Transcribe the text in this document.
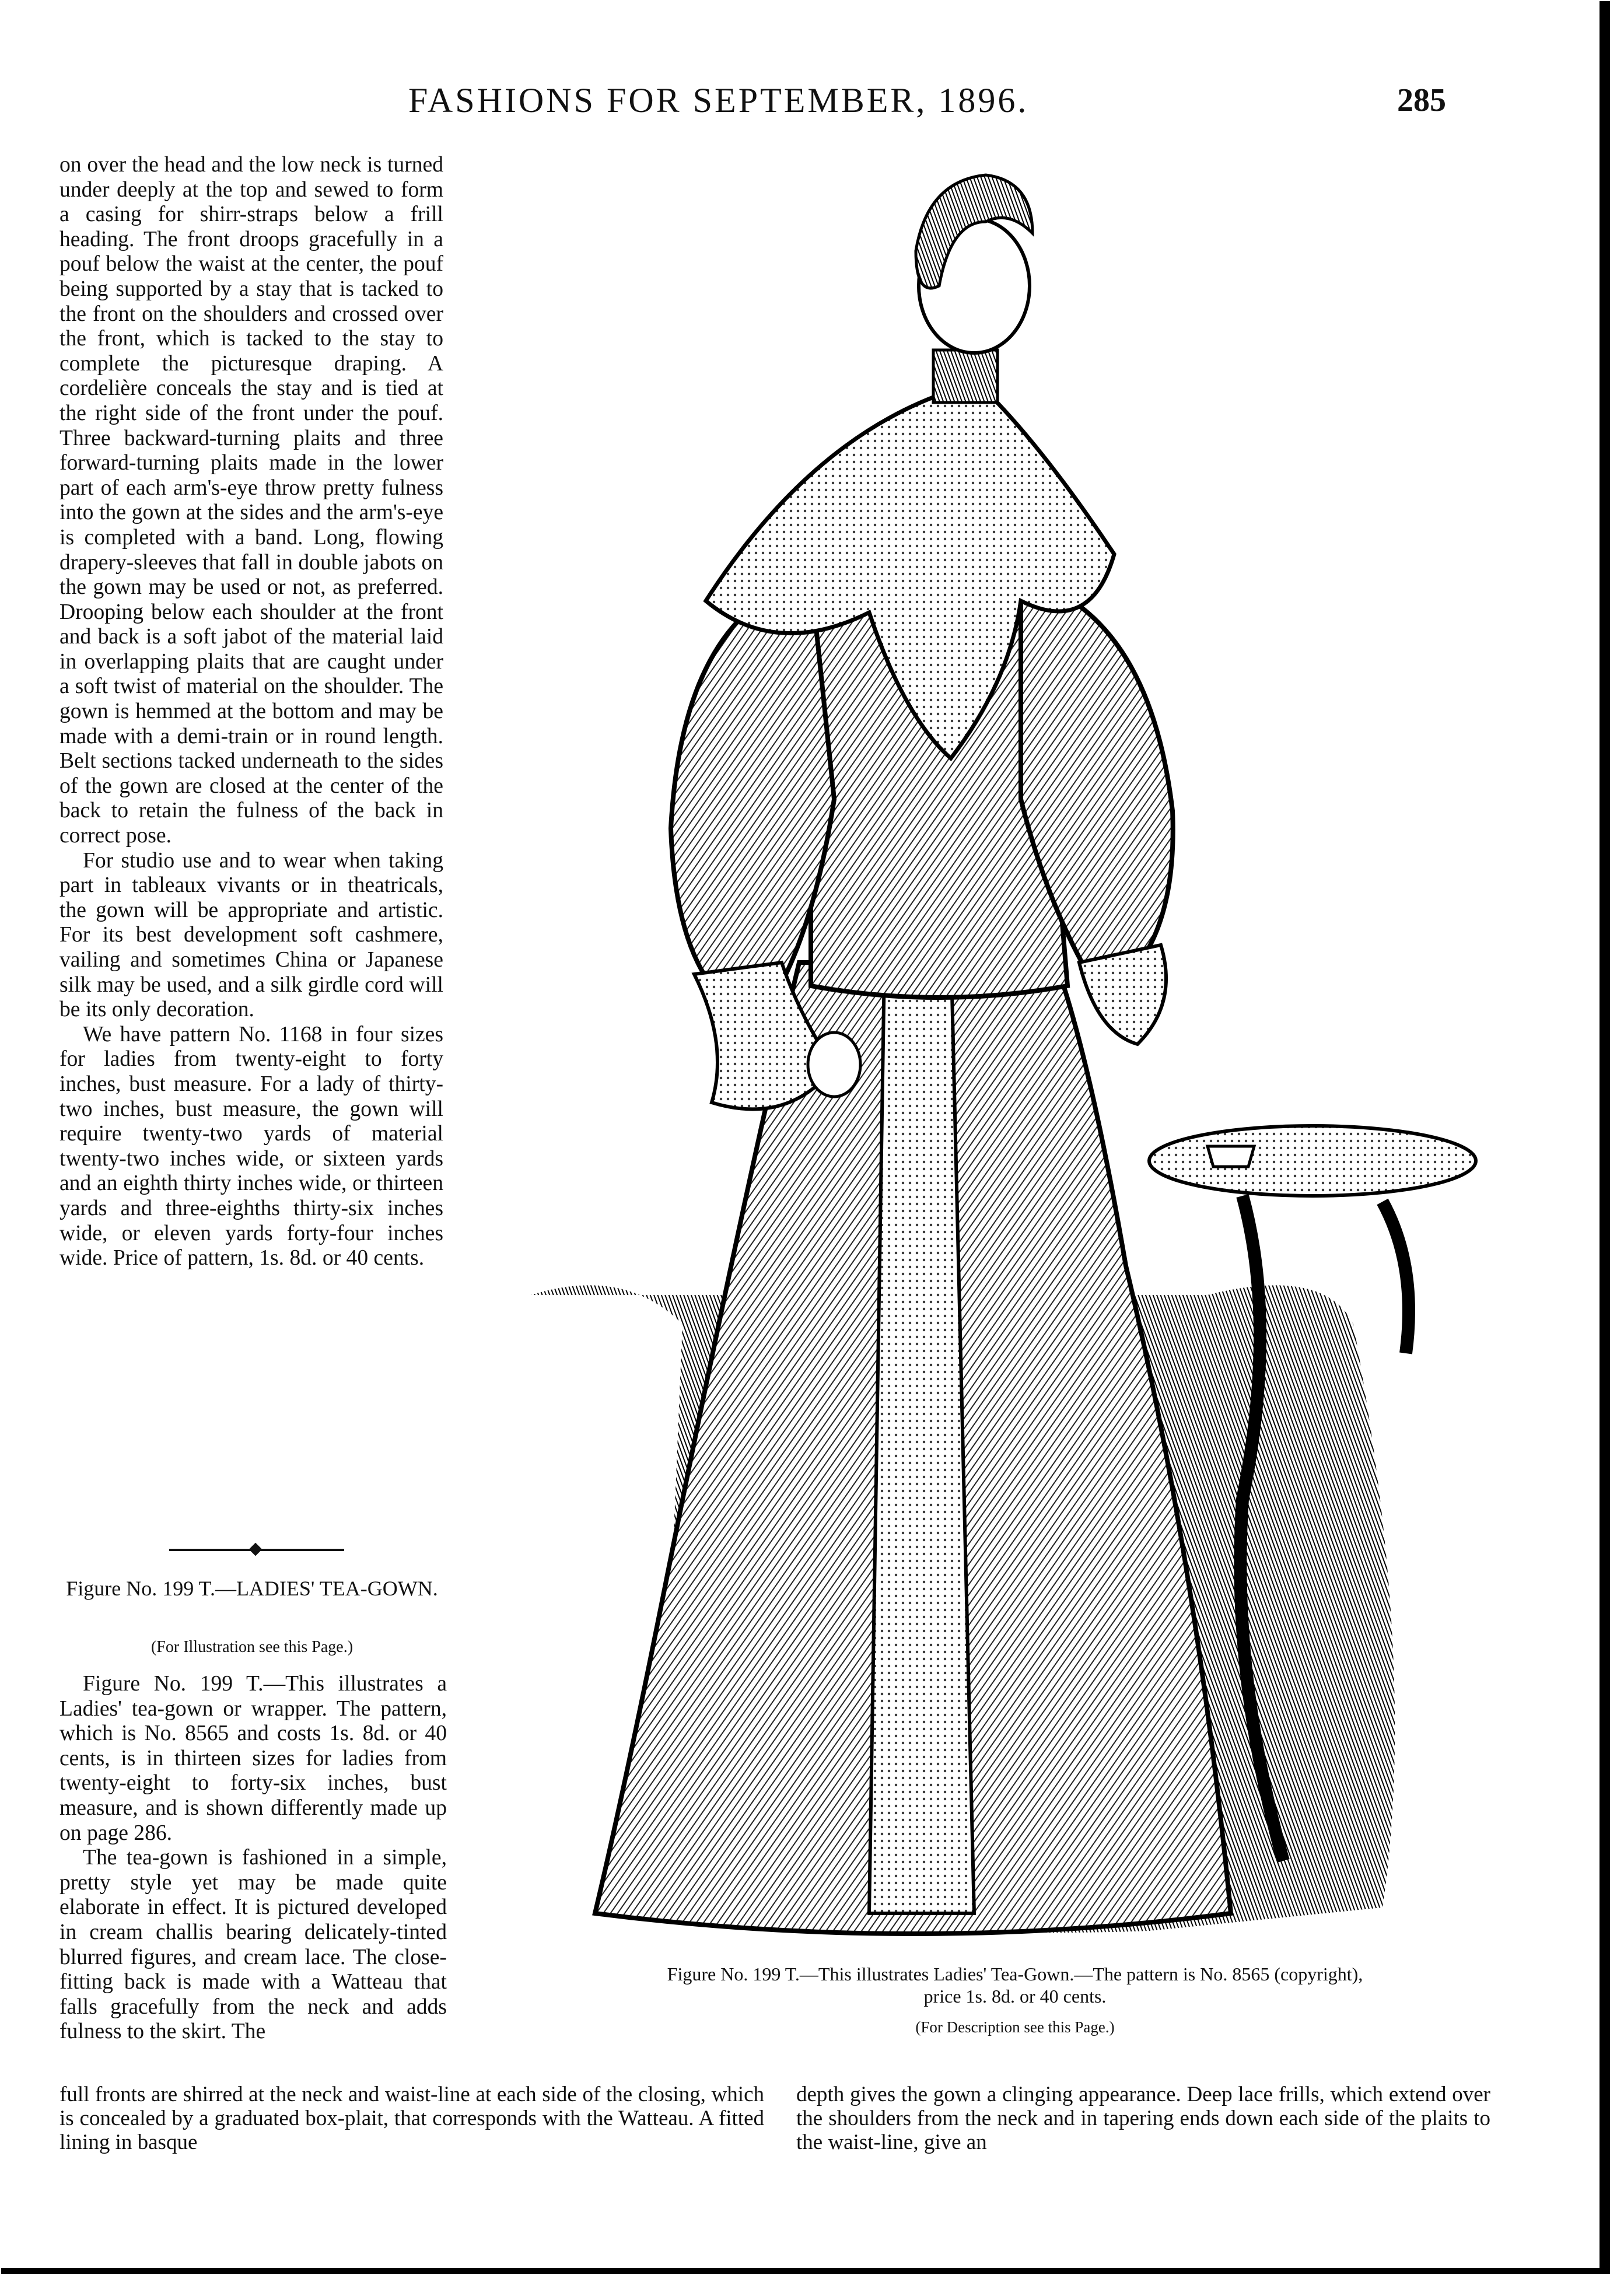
FASHIONS FOR SEPTEMBER, 1896.	285

on over the head and the low neck is turned under deeply at the top and sewed to form a casing for shirr-straps below a frill heading. The front droops gracefully in a pouf below the waist at the center, the pouf being supported by a stay that is tacked to the front on the shoulders and crossed over the front, which is tacked to the stay to complete the picturesque draping. A cordelière conceals the stay and is tied at the right side of the front under the pouf. Three backward-turning plaits and three forward-turning plaits made in the lower part of each arm's-eye throw pretty fulness into the gown at the sides and the arm's-eye is completed with a band. Long, flowing drapery-sleeves that fall in double jabots on the gown may be used or not, as preferred. Drooping below each shoulder at the front and back is a soft jabot of the material laid in overlapping plaits that are caught under a soft twist of material on the shoulder. The gown is hemmed at the bottom and may be made with a demi-train or in round length. Belt sections tacked underneath to the sides of the gown are closed at the center of the back to retain the fulness of the back in correct pose.

For studio use and to wear when taking part in tableaux vivants or in theatricals, the gown will be appropriate and artistic. For its best development soft cashmere, vailing and sometimes China or Japanese silk may be used, and a silk girdle cord will be its only decoration.

We have pattern No. 1168 in four sizes for ladies from twenty-eight to forty inches, bust measure. For a lady of thirty-two inches, bust measure, the gown will require twenty-two yards of material twenty-two inches wide, or sixteen yards and an eighth thirty inches wide, or thirteen yards and three-eighths thirty-six inches wide, or eleven yards forty-four inches wide. Price of pattern, 1s. 8d. or 40 cents.

Figure No. 199 T.—LADIES' TEA-GOWN.
(For Illustration see this Page.)

Figure No. 199 T.—This illustrates a Ladies' tea-gown or wrapper. The pattern, which is No. 8565 and costs 1s. 8d. or 40 cents, is in thirteen sizes for ladies from twenty-eight to forty-six inches, bust measure, and is shown differently made up on page 286.

The tea-gown is fashioned in a simple, pretty style yet may be made quite elaborate in effect. It is pictured developed in cream challis bearing delicately-tinted blurred figures, and cream lace. The close-fitting back is made with a Watteau that falls gracefully from the neck and adds fulness to the skirt. The

Figure No. 199 T.—This illustrates Ladies' Tea-Gown.—The pattern is No. 8565 (copyright),
price 1s. 8d. or 40 cents.
(For Description see this Page.)
full fronts are shirred at the neck and waist-line at each side of the closing, which is concealed by a graduated box-plait, that corresponds with the Watteau. A fitted lining in basque
depth gives the gown a clinging appearance. Deep lace frills, which extend over the shoulders from the neck and in tapering ends down each side of the plaits to the waist-line, give an
